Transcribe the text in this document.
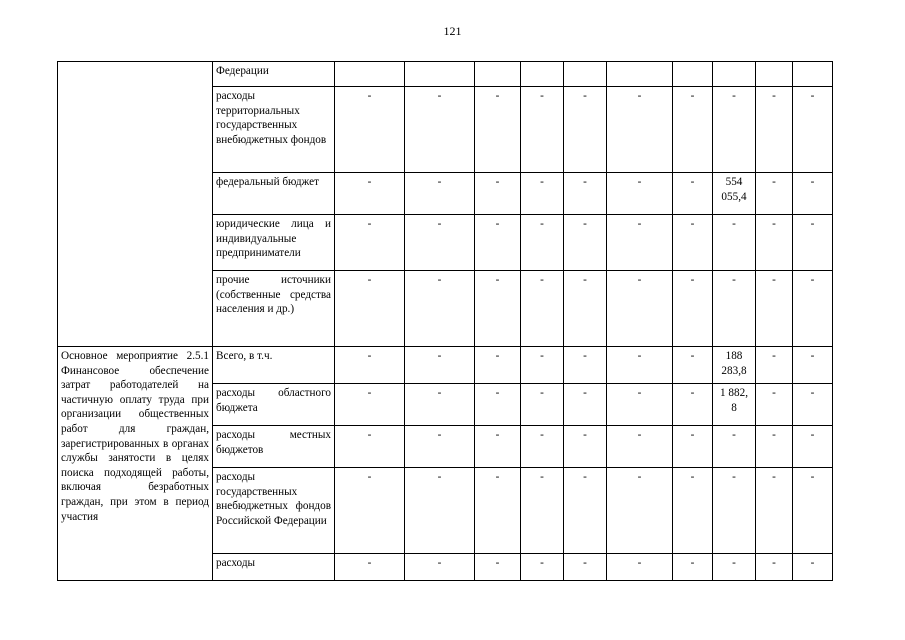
121
	Федерации										
	расходы территориальных государственных внебюджетных фондов	-	-	-	-	-	-	-	-	-	-
	федеральный бюджет	-	-	-	-	-	-	-	554 055,4	-	-
	юридические лица и индивидуальные предприниматели	-	-	-	-	-	-	-	-	-	-
	прочие источники (собственные средства населения и др.)	-	-	-	-	-	-	-	-	-	-
Основное мероприятие 2.5.1 Финансовое обеспечение затрат работодателей на частичную оплату труда при организации общественных работ для граждан, зарегистрированных в органах службы занятости в целях поиска подходящей работы, включая безработных граждан, при этом в период участия	Всего, в т.ч.	-	-	-	-	-	-	-	188 283,8	-	-
	расходы областного бюджета	-	-	-	-	-	-	-	1 882, 8	-	-
	расходы местных бюджетов	-	-	-	-	-	-	-	-	-	-
	расходы государственных внебюджетных фондов Российской Федерации	-	-	-	-	-	-	-	-	-	-
	расходы	-	-	-	-	-	-	-	-	-	-
